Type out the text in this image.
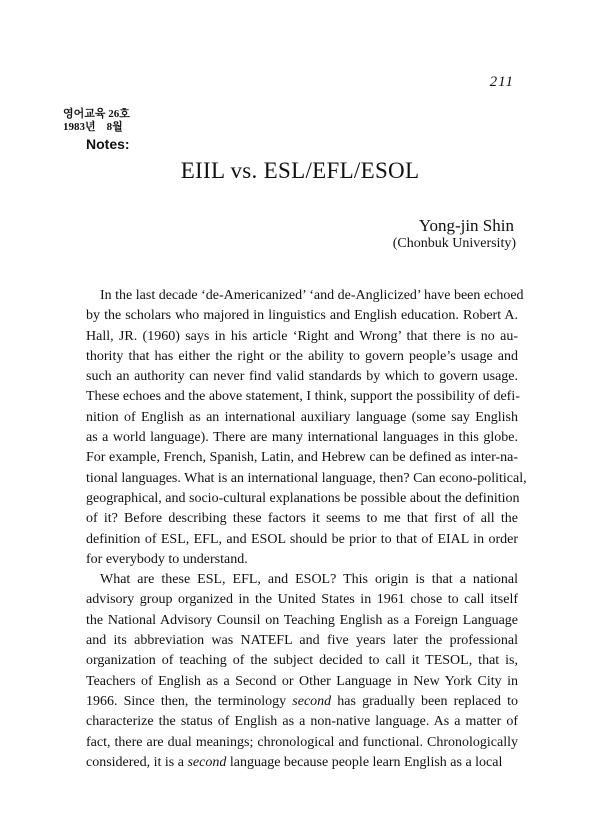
211
영어교육 26호
1983년    8월
Notes:
EIIL vs. ESL/EFL/ESOL
Yong-jin Shin
(Chonbuk University)

In the last decade ‘de-Americanized’ ‘and de-Anglicized’ have been echoed
by the scholars who majored in linguistics and English education. Robert A.
Hall, JR. (1960) says in his article ‘Right and Wrong’ that there is no au-
thority that has either the right or the ability to govern people’s usage and
such an authority can never find valid standards by which to govern usage.
These echoes and the above statement, I think, support the possibility of defi-
nition of English as an international auxiliary language (some say English
as a world language). There are many international languages in this globe.
For example, French, Spanish, Latin, and Hebrew can be defined as inter-na-
tional languages. What is an international language, then? Can econo-political,
geographical, and socio-cultural explanations be possible about the definition
of it? Before describing these factors it seems to me that first of all the
definition of ESL, EFL, and ESOL should be prior to that of EIAL in order
for everybody to understand.

What are these ESL, EFL, and ESOL? This origin is that a national
advisory group organized in the United States in 1961 chose to call itself
the National Advisory Counsil on Teaching English as a Foreign Language
and its abbreviation was NATEFL and five years later the professional
organization of teaching of the subject decided to call it TESOL, that is,
Teachers of English as a Second or Other Language in New York City in
1966. Since then, the terminology second has gradually been replaced to
characterize the status of English as a non-native language. As a matter of
fact, there are dual meanings; chronological and functional. Chronologically
considered, it is a second language because people learn English as a local
